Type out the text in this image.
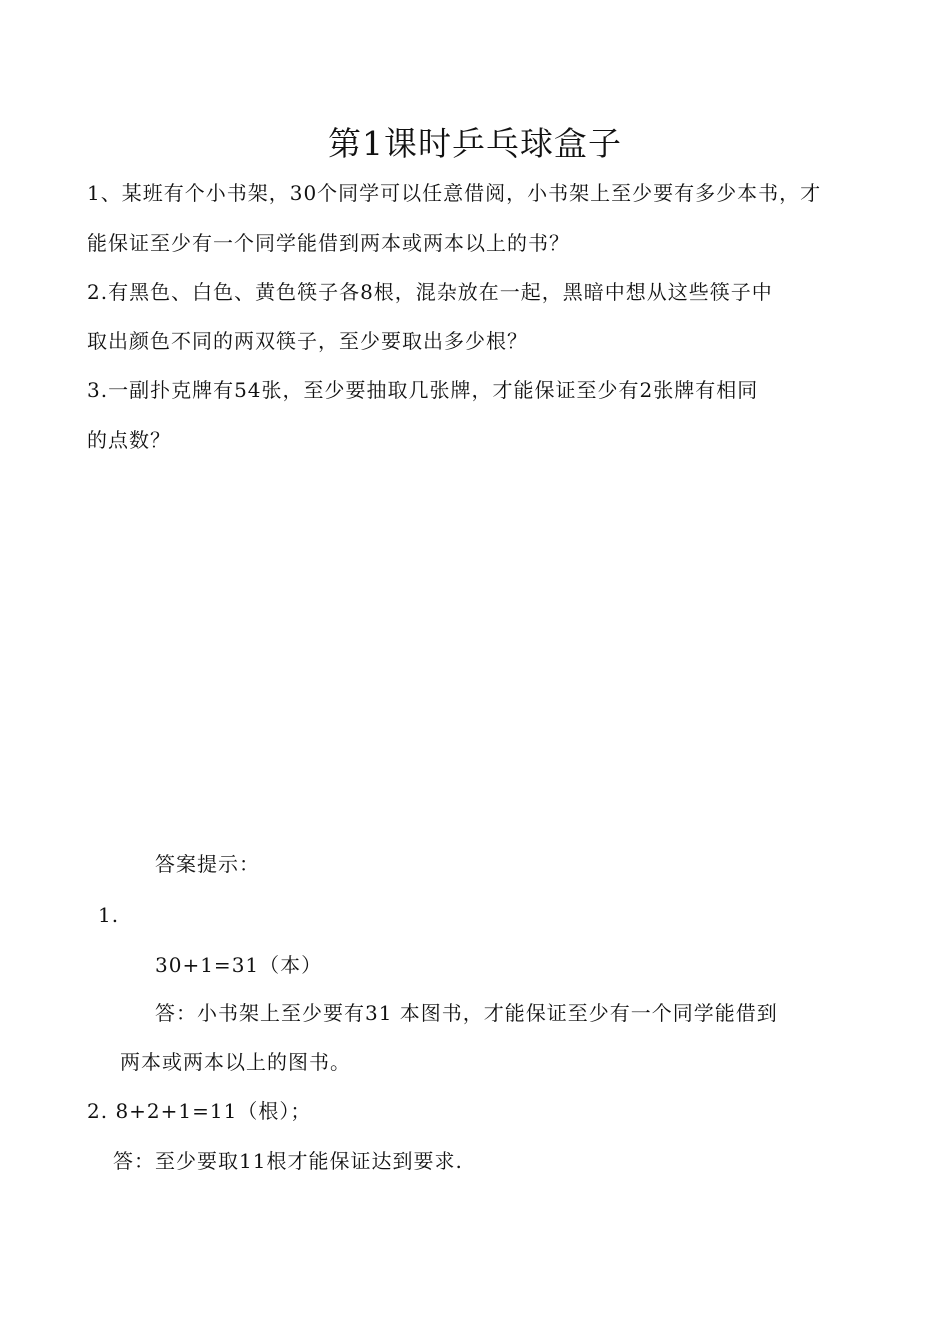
第1课时乒乓球盒子
1、某班有个小书架，30个同学可以任意借阅，小书架上至少要有多少本书，才
能保证至少有一个同学能借到两本或两本以上的书？
2.有黑色、白色、黄色筷子各8根，混杂放在一起，黑暗中想从这些筷子中
取出颜色不同的两双筷子，至少要取出多少根？
3.一副扑克牌有54张，至少要抽取几张牌，才能保证至少有2张牌有相同
的点数？
答案提示：
1.
30+1=31（本）
答：小书架上至少要有31 本图书，才能保证至少有一个同学能借到
两本或两本以上的图书。
2. 8+2+1=11（根）；
答：至少要取11根才能保证达到要求.
